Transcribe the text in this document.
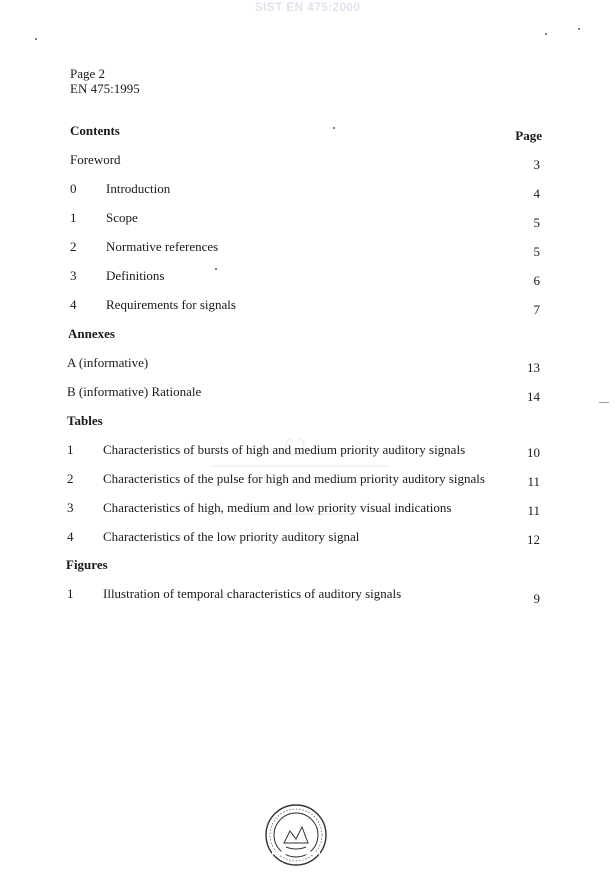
SIST EN 475:2000
Page 2
EN 475:1995
Contents	Page
Foreword	3
0 Introduction	4
1 Scope	5
2 Normative references	5
3 Definitions	6
4 Requirements for signals	7
Annexes
A (informative)	13
B (informative) Rationale	14
Tables
1 Characteristics of bursts of high and medium priority auditory signals	10
2 Characteristics of the pulse for high and medium priority auditory signals	11
3 Characteristics of high, medium and low priority visual indications	11
4 Characteristics of the low priority auditory signal	12
Figures
1 Illustration of temporal characteristics of auditory signals	9
